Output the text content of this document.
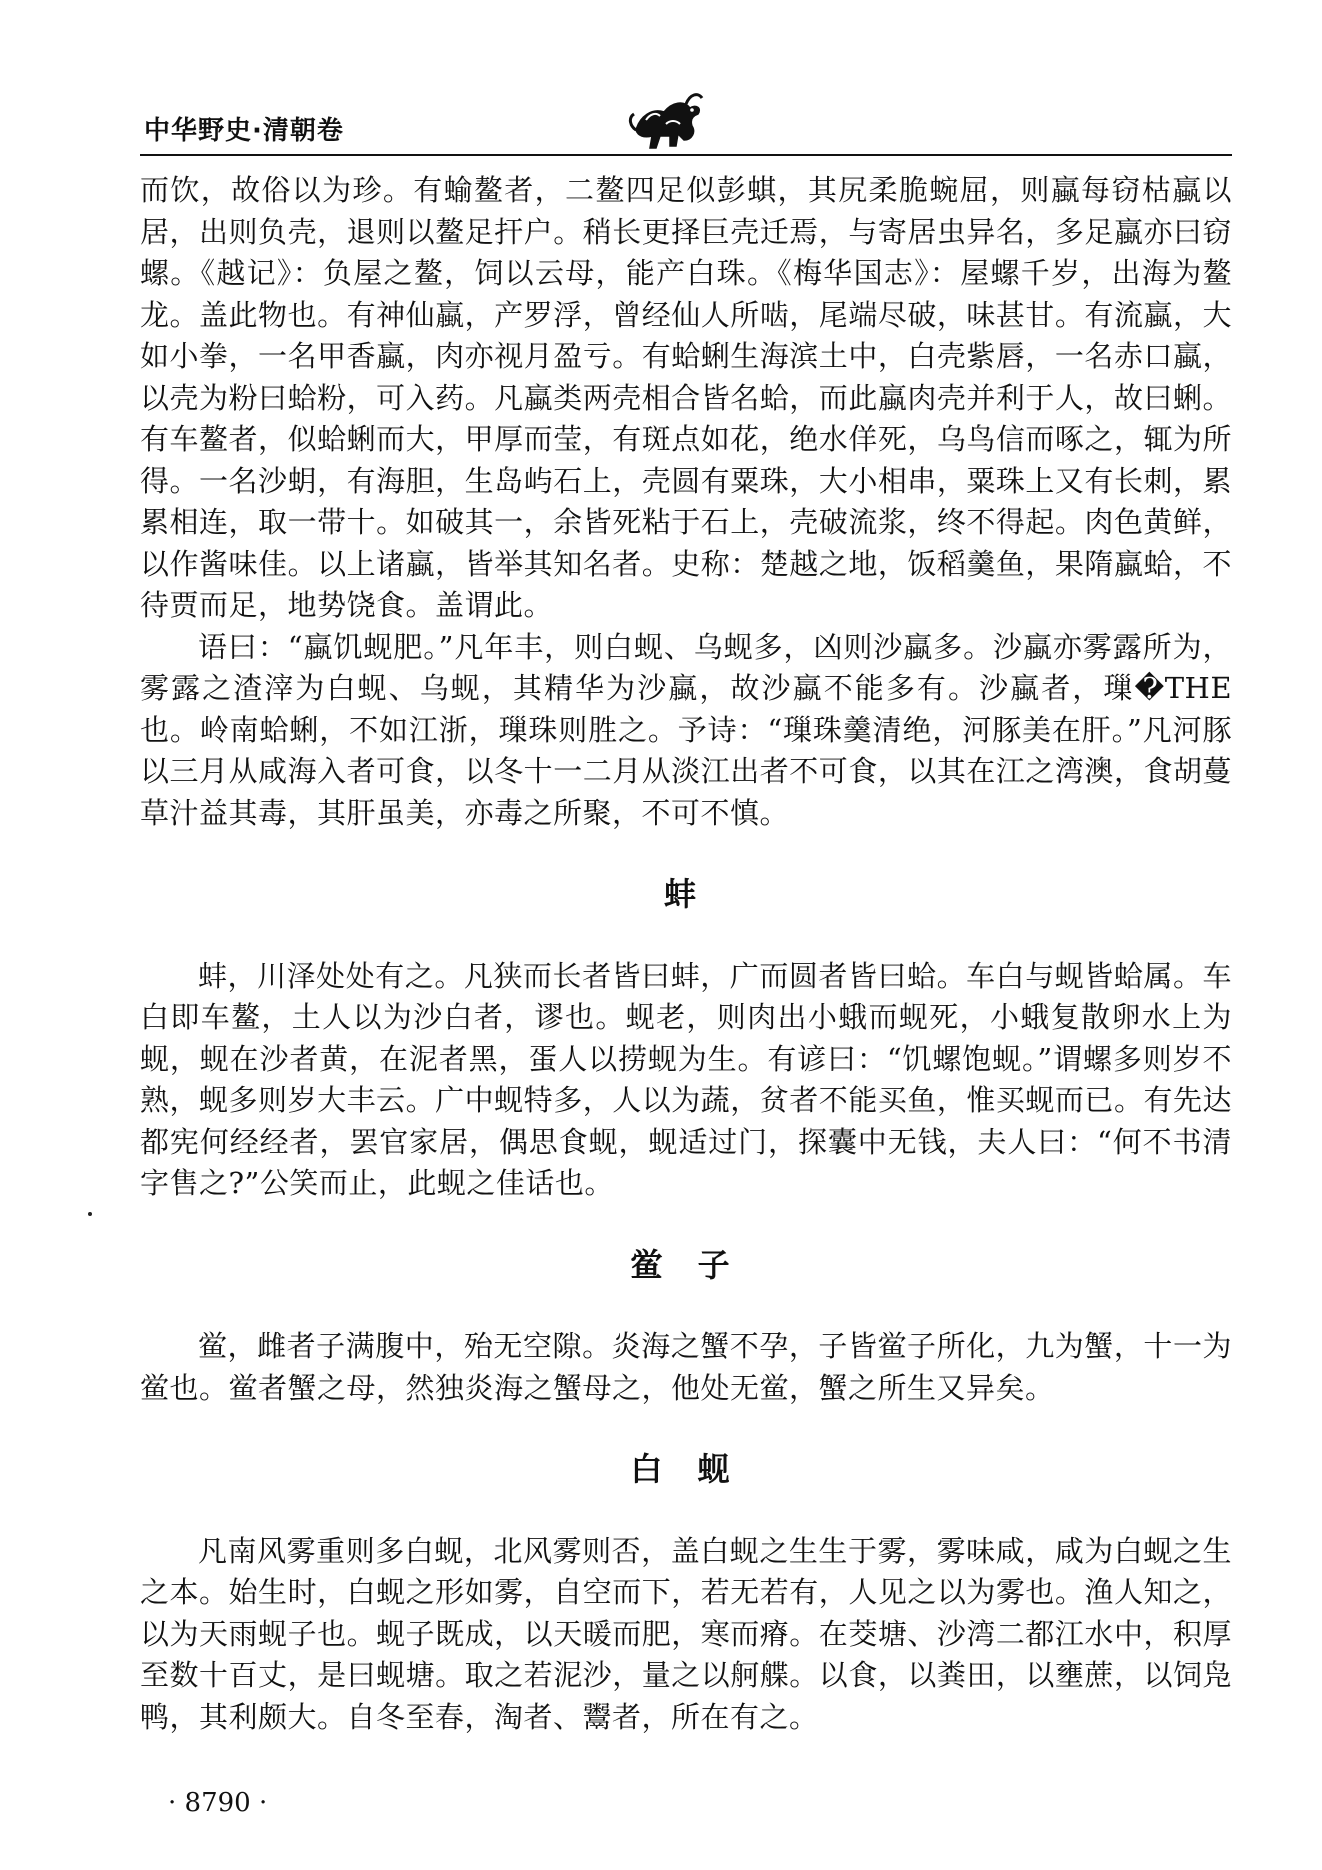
中华野史·清朝卷

而饮，故俗以为珍。有蝓鳌者，二鳌四足似彭蜞，其尻柔脆蜿屈，则蠃每窃枯蠃以居，出则负壳，退则以鳌足扞户。稍长更择巨壳迁焉，与寄居虫异名，多足蠃亦曰窃螺。《越记》：负屋之鳌，饲以云母，能产白珠。《梅华国志》：屋螺千岁，出海为鳌龙。盖此物也。有神仙蠃，产罗浮，曾经仙人所啮，尾端尽破，味甚甘。有流蠃，大如小拳，一名甲香蠃，肉亦视月盈亏。有蛤蜊生海滨土中，白壳紫唇，一名赤口蠃，以壳为粉曰蛤粉，可入药。凡蠃类两壳相合皆名蛤，而此蠃肉壳并利于人，故曰蜊。有车鳌者，似蛤蜊而大，甲厚而莹，有斑点如花，绝水佯死，乌鸟信而啄之，辄为所得。一名沙蚏，有海胆，生岛屿石上，壳圆有粟珠，大小相串，粟珠上又有长刺，累累相连，取一带十。如破其一，余皆死粘于石上，壳破流浆，终不得起。肉色黄鲜，以作酱味佳。以上诸蠃，皆举其知名者。史称：楚越之地，饭稻羹鱼，果隋蠃蛤，不待贾而足，地势饶食。盖谓此。

语曰：“蠃饥蚬肥。”凡年丰，则白蚬、乌蚬多，凶则沙蠃多。沙蠃亦雾露所为，雾露之渣滓为白蚬、乌蚬，其精华为沙蠃，故沙蠃不能多有。沙蠃者，璅�THE也。岭南蛤蜊，不如江浙，璅珠则胜之。予诗：“璅珠羹清绝，河豚美在肝。”凡河豚以三月从咸海入者可食，以冬十一二月从淡江出者不可食，以其在江之湾澳，食胡蔓草汁益其毒，其肝虽美，亦毒之所聚，不可不慎。

蚌

蚌，川泽处处有之。凡狭而长者皆曰蚌，广而圆者皆曰蛤。车白与蚬皆蛤属。车白即车鳌，土人以为沙白者，谬也。蚬老，则肉出小蛾而蚬死，小蛾复散卵水上为蚬，蚬在沙者黄，在泥者黑，蛋人以捞蚬为生。有谚曰：“饥螺饱蚬。”谓螺多则岁不熟，蚬多则岁大丰云。广中蚬特多，人以为蔬，贫者不能买鱼，惟买蚬而已。有先达都宪何经经者，罢官家居，偶思食蚬，蚬适过门，探囊中无钱，夫人曰：“何不书清字售之?”公笑而止，此蚬之佳话也。

鲎 子

鲎，雌者子满腹中，殆无空隙。炎海之蟹不孕，子皆鲎子所化，九为蟹，十一为鲎也。鲎者蟹之母，然独炎海之蟹母之，他处无鲎，蟹之所生又异矣。

白 蚬

凡南风雾重则多白蚬，北风雾则否，盖白蚬之生生于雾，雾味咸，咸为白蚬之生之本。始生时，白蚬之形如雾，自空而下，若无若有，人见之以为雾也。渔人知之，以为天雨蚬子也。蚬子既成，以天暖而肥，寒而瘠。在茭塘、沙湾二都江水中，积厚至数十百丈，是曰蚬塘。取之若泥沙，量之以舸艓。以食，以粪田，以壅蔗，以饲凫鸭，其利颇大。自冬至春，淘者、鬻者，所在有之。

· 8790 ·
